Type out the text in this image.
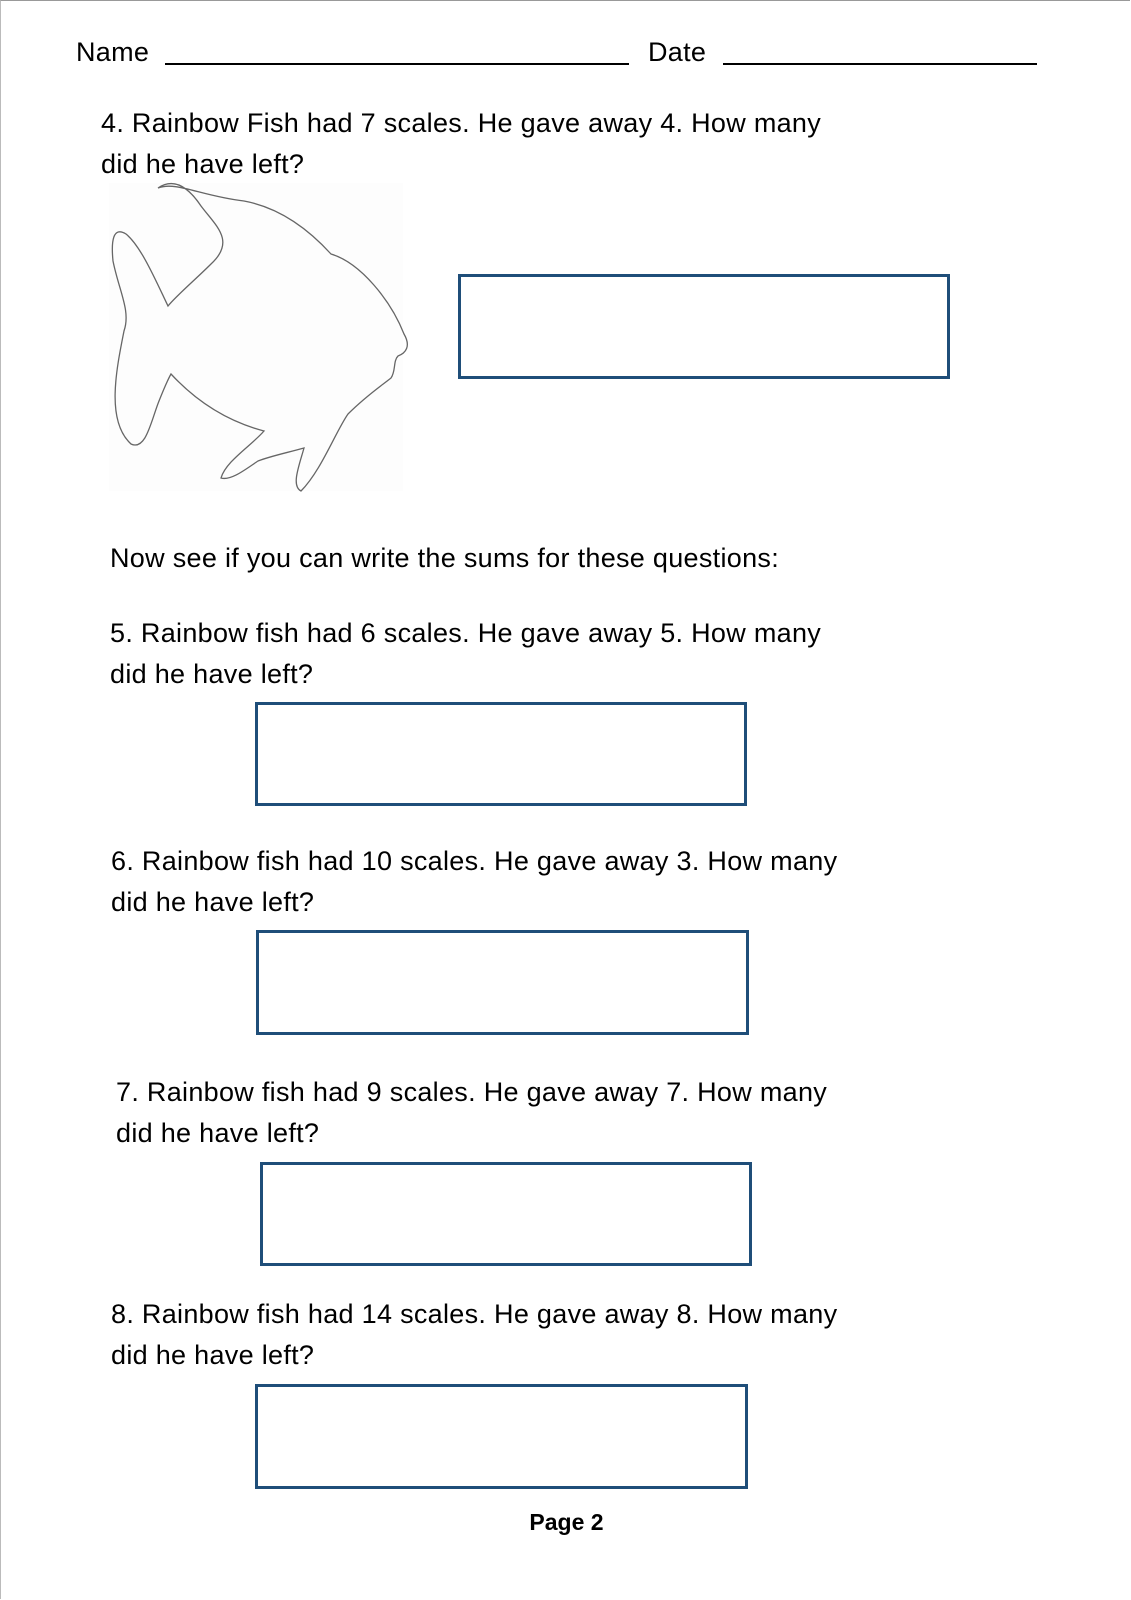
Name	Date
4. Rainbow Fish had 7 scales. He gave away 4. How many
did he have left?
Now see if you can write the sums for these questions:
5. Rainbow fish had 6 scales. He gave away 5. How many
did he have left?
6. Rainbow fish had 10 scales. He gave away 3. How many
did he have left?
7. Rainbow fish had 9 scales. He gave away 7. How many
did he have left?
8. Rainbow fish had 14 scales. He gave away 8. How many
did he have left?
Page 2
